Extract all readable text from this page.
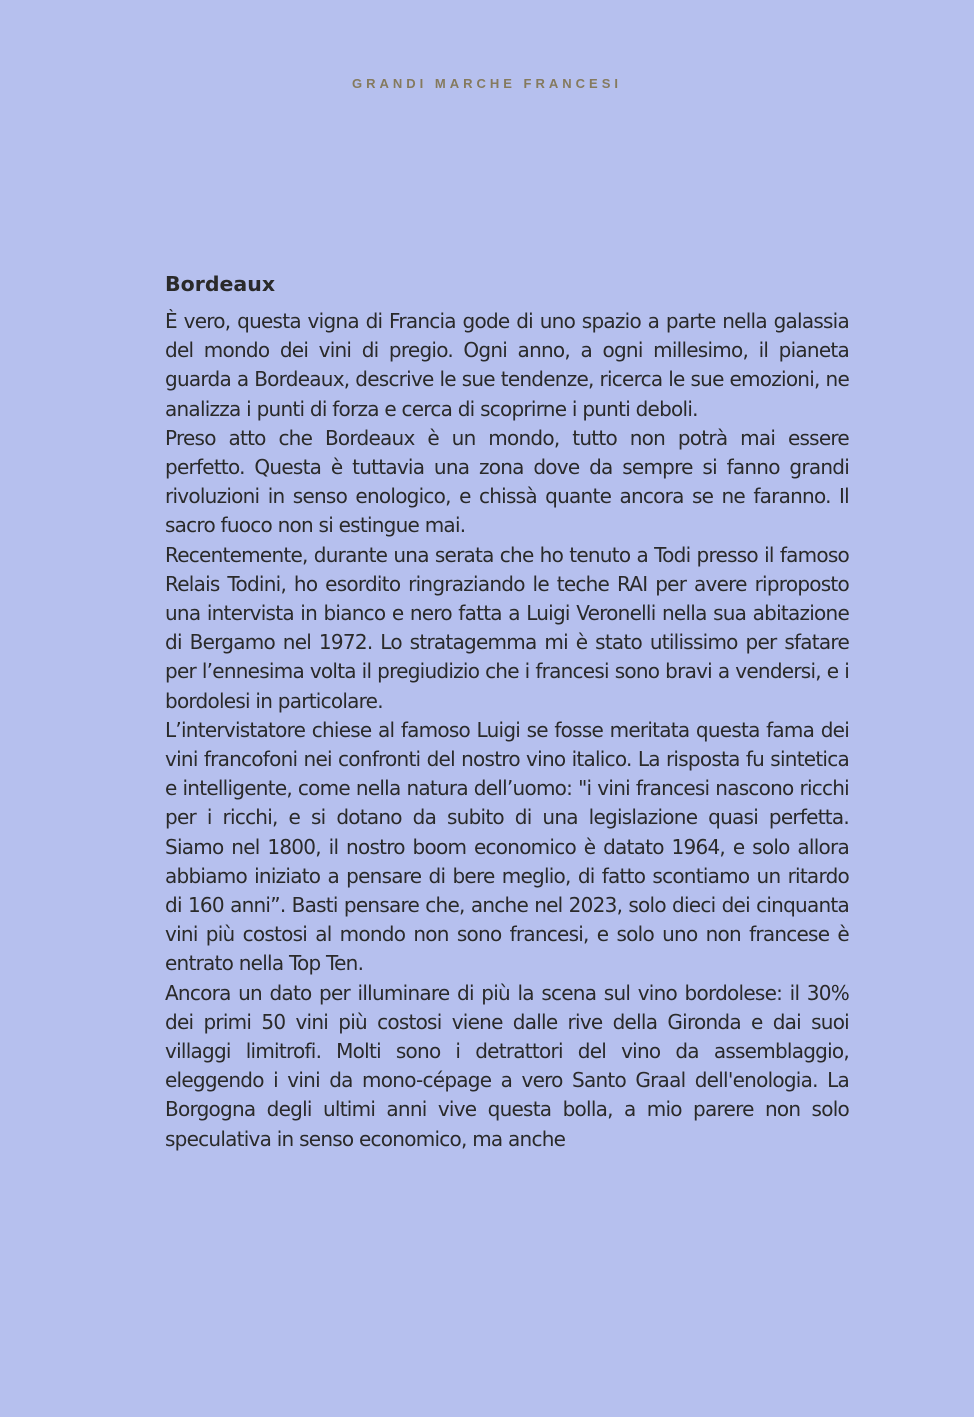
GRANDI MARCHE FRANCESI
Bordeaux

È vero, questa vigna di Francia gode di uno spazio a parte nella galassia del mondo dei vini di pregio. Ogni anno, a ogni millesimo, il pianeta guarda a Bordeaux, descrive le sue tendenze, ricerca le sue emozioni, ne analizza i punti di forza e cerca di scoprirne i punti deboli.

Preso atto che Bordeaux è un mondo, tutto non potrà mai essere perfetto. Questa è tuttavia una zona dove da sempre si fanno grandi rivoluzioni in senso enologico, e chissà quante ancora se ne faranno. Il sacro fuoco non si estingue mai.

Recentemente, durante una serata che ho tenuto a Todi presso il famoso Relais Todini, ho esordito ringraziando le teche RAI per avere riproposto una intervista in bianco e nero fatta a Luigi Veronelli nella sua abitazione di Bergamo nel 1972. Lo stratagemma mi è stato utilissimo per sfatare per l’ennesima volta il pregiudizio che i francesi sono bravi a vendersi, e i bordolesi in particolare.

L’intervistatore chiese al famoso Luigi se fosse meritata questa fama dei vini francofoni nei confronti del nostro vino italico. La risposta fu sintetica e intelligente, come nella natura dell’uomo: "i vini francesi nascono ricchi per i ricchi, e si dotano da subito di una legislazione quasi perfetta. Siamo nel 1800, il nostro boom economico è datato 1964, e solo allora abbiamo iniziato a pensare di bere meglio, di fatto scontiamo un ritardo di 160 anni”. Basti pensare che, anche nel 2023, solo dieci dei cinquanta vini più costosi al mondo non sono francesi, e solo uno non francese è entrato nella Top Ten.

Ancora un dato per illuminare di più la scena sul vino bordolese: il 30% dei primi 50 vini più costosi viene dalle rive della Gironda e dai suoi villaggi limitrofi. Molti sono i detrattori del vino da assemblaggio, eleggendo i vini da mono-cépage a vero Santo Graal dell'enologia. La Borgogna degli ultimi anni vive questa bolla, a mio parere non solo speculativa in senso economico, ma anche
